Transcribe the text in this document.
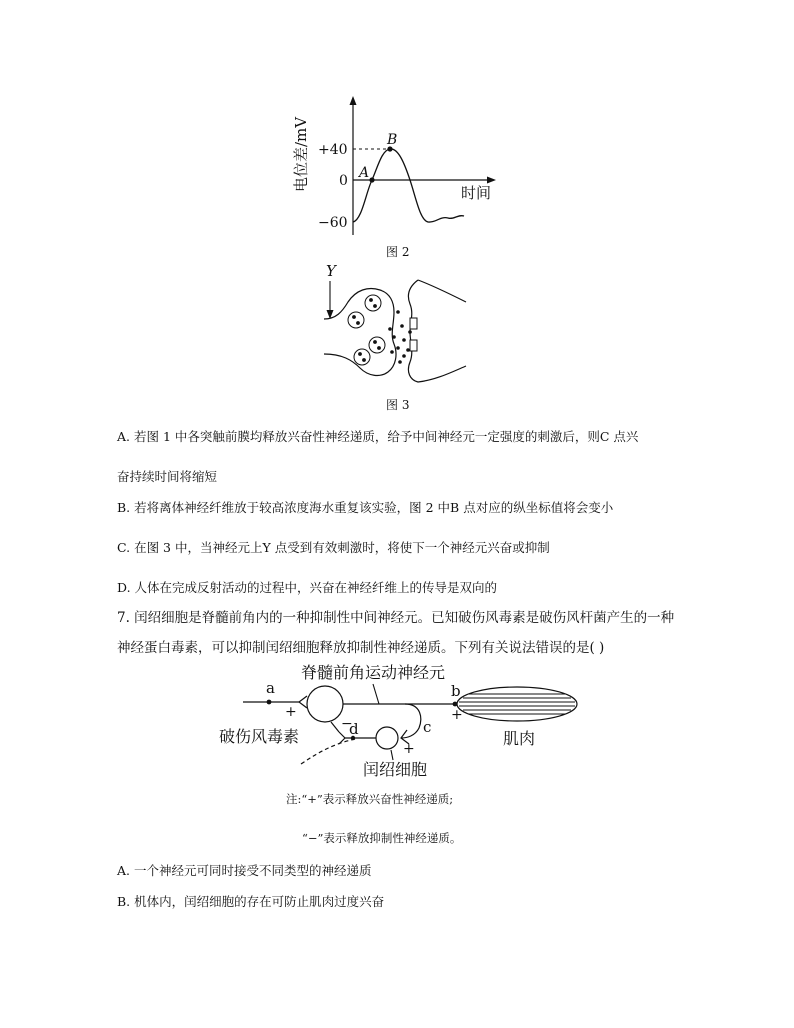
电位差/mV +40
0
−60
时间
A
B
图 2
Y
图 3
A. 若图 1 中各突触前膜均释放兴奋性神经递质，给予中间神经元一定强度的刺激后，则C 点兴
奋持续时间将缩短
B. 若将离体神经纤维放于较高浓度海水重复该实验，图 2 中B 点对应的纵坐标值将会变小
C. 在图 3 中，当神经元上Y 点受到有效刺激时，将使下一个神经元兴奋或抑制
D. 人体在完成反射活动的过程中，兴奋在神经纤维上的传导是双向的
7. 闰绍细胞是脊髓前角内的一种抑制性中间神经元。已知破伤风毒素是破伤风杆菌产生的一种
神经蛋白毒素，可以抑制闰绍细胞释放抑制性神经递质。下列有关说法错误的是( )
脊髓前角运动神经元
a
+
c
+
−
d
破伤风毒素
闰绍细胞
b
+
肌肉
注:“+”表示释放兴奋性神经递质;
“−”表示释放抑制性神经递质。
A. 一个神经元可同时接受不同类型的神经递质
B. 机体内，闰绍细胞的存在可防止肌肉过度兴奋
